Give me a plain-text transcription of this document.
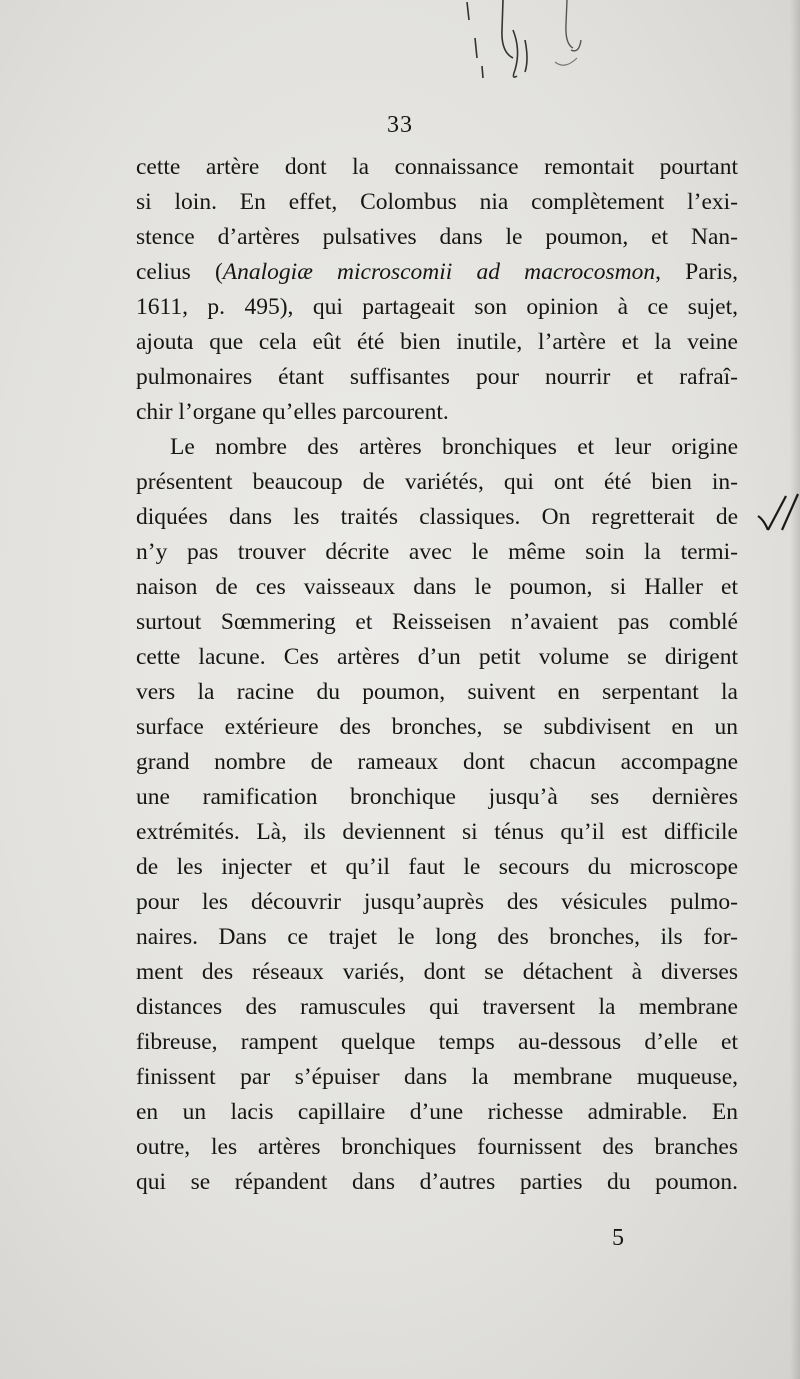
33
cette artère dont la connaissance remontait pourtant
si loin. En effet, Colombus nia complètement l’exi-
stence d’artères pulsatives dans le poumon, et Nan-
celius (Analogiæ microscomii ad macrocosmon, Paris,
1611, p. 495), qui partageait son opinion à ce sujet,
ajouta que cela eût été bien inutile, l’artère et la veine
pulmonaires étant suffisantes pour nourrir et rafraî-
chir l’organe qu’elles parcourent.
Le nombre des artères bronchiques et leur origine
présentent beaucoup de variétés, qui ont été bien in-
diquées dans les traités classiques. On regretterait de
n’y pas trouver décrite avec le même soin la termi-
naison de ces vaisseaux dans le poumon, si Haller et
surtout Sœmmering et Reisseisen n’avaient pas comblé
cette lacune. Ces artères d’un petit volume se dirigent
vers la racine du poumon, suivent en serpentant la
surface extérieure des bronches, se subdivisent en un
grand nombre de rameaux dont chacun accompagne
une ramification bronchique jusqu’à ses dernières
extrémités. Là, ils deviennent si ténus qu’il est difficile
de les injecter et qu’il faut le secours du microscope
pour les découvrir jusqu’auprès des vésicules pulmo-
naires. Dans ce trajet le long des bronches, ils for-
ment des réseaux variés, dont se détachent à diverses
distances des ramuscules qui traversent la membrane
fibreuse, rampent quelque temps au-dessous d’elle et
finissent par s’épuiser dans la membrane muqueuse,
en un lacis capillaire d’une richesse admirable. En
outre, les artères bronchiques fournissent des branches
qui se répandent dans d’autres parties du poumon.
5
